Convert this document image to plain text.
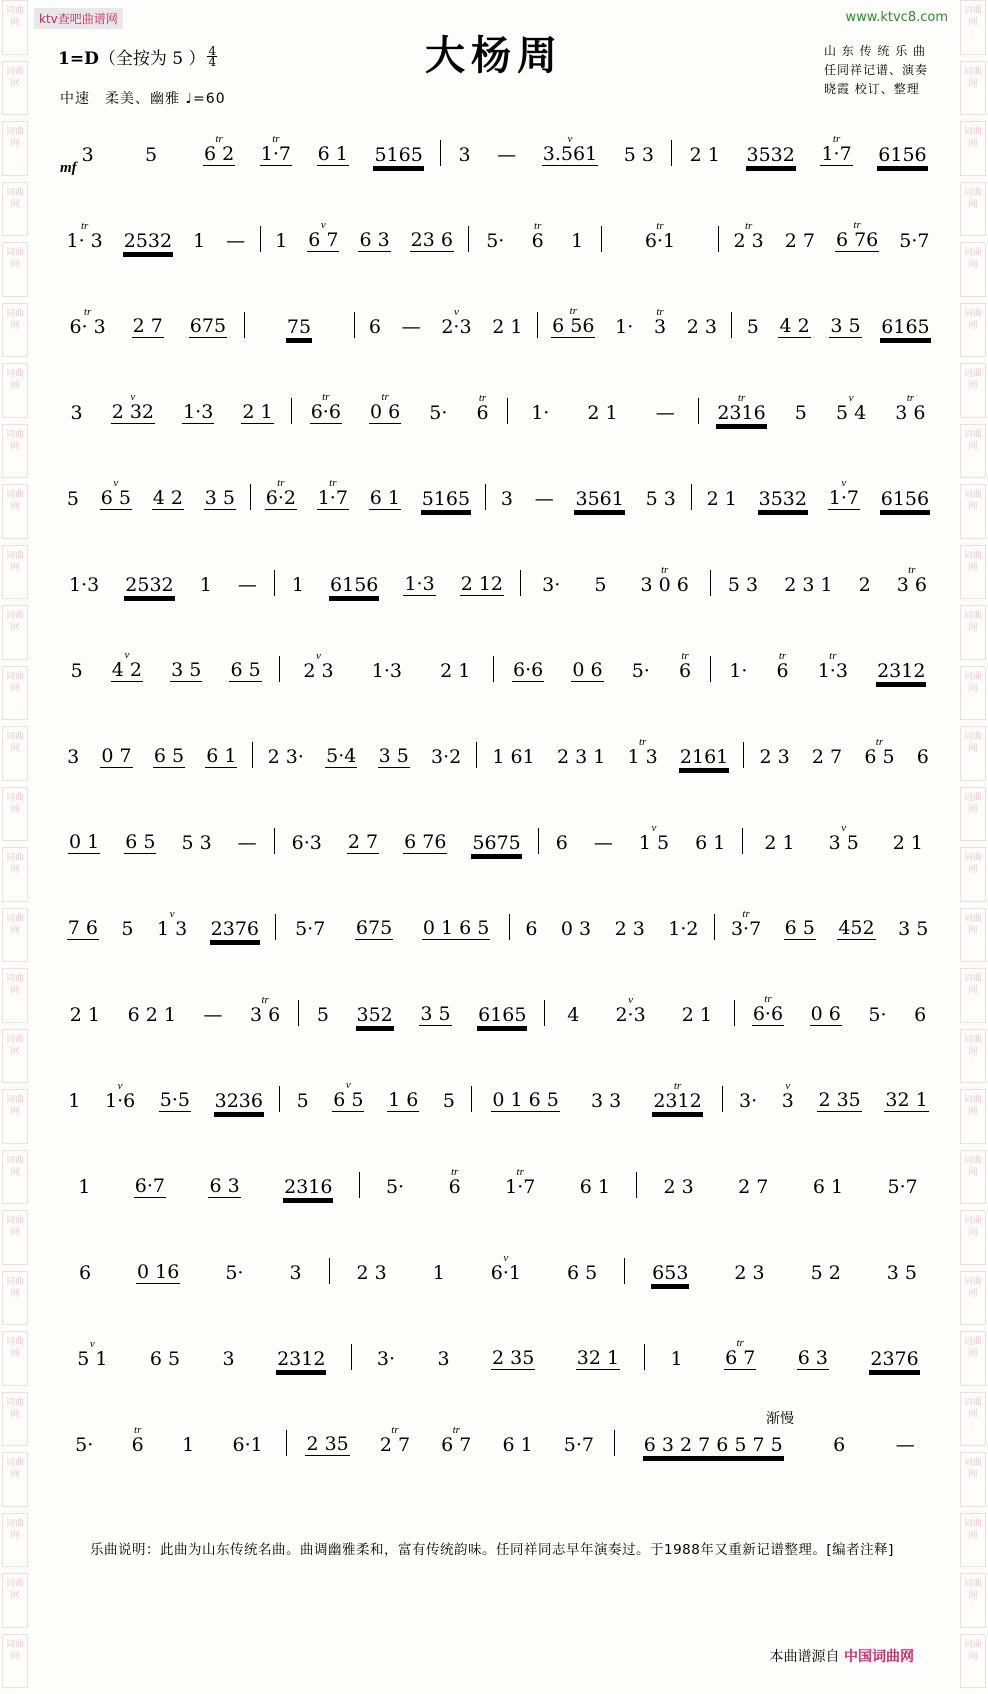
词曲网
词曲网
词曲网
词曲网
词曲网
词曲网
词曲网
词曲网
词曲网
词曲网
词曲网
词曲网
词曲网
词曲网
词曲网
词曲网
词曲网
词曲网
词曲网
词曲网
词曲网
词曲网
词曲网
词曲网
词曲网
词曲网
词曲网
词曲网
词曲网
词曲网
词曲网
词曲网
词曲网
词曲网
词曲网
词曲网
词曲网
词曲网
词曲网
词曲网
词曲网
词曲网
词曲网
词曲网
词曲网
词曲网
词曲网
词曲网
词曲网
词曲网
词曲网
词曲网
词曲网
词曲网
词曲网
词曲网
ktv查吧曲谱网	www.ktvc8.com
大杨周
1=D（全按为 5 ） $\frac{4}{4}$
中速　柔美、幽雅 ♩=60
山 东 传 统 乐 曲
任同祥记谱、演奏
晓霞 校订、整理
mf
3	5 6 2
tr
1·7
tr
6 1 5165 3 — 3.561
v
5 3 2 1 3532 1·7
tr
6156
1· 3
tr
2532 1 — 1 6 7
v
6 3 23 6 5· 6
tr
1	6·1
tr
2 3
tr
2 7 6 76
tr
5·7
6· 3
tr
2 7 675	75	6 — 2·3
v
2 1 6 56
tr
1· 3
tr
2 3 5 4 2 3 5 6165
3 2 32
v
1·3 2 1 6·6
tr
0 6
tr
5· 6
tr
1· 2 1 — 2316
tr
5 5 4
v
3 6
tr
5 6 5
v
4 2 3 5 6·2
tr
1·7
tr
6 1 5165 3 — 3561 5 3 2 1 3532 1·7
v
6156
1·3 2532 1 — 1 6156 1·3 2 12 3· 5 3 0 6
tr
5 3 2 3 1 2 3 6
tr
5 4 2
v
3 5 6 5 2 3
v
1·3 2 1 6·6 0 6 5· 6
tr
1· 6
tr
1·3
tr
2312
3 0 7 6 5 6 1 2 3· 5·4 3 5 3·2 1 61 2 3 1 1 3
tr
2161 2 3 2 7 6 5
tr
6
0 1 6 5 5 3 — 6·3 2 7 6 76 5675 6 — 1 5
v
6 1 2 1 3 5
v
2 1
7 6 5 1 3
v
2376 5·7 675 0 1 6 5 6 0 3 2 3 1·2 3·7
tr
6 5 452 3 5
2 1 6 2 1 — 3 6
tr
5 352 3 5 6165 4 2·3
v
2 1 6·6
tr
0 6 5· 6
1 1·6
v
5·5 3236 5 6 5
v
1 6 5 0 1 6 5 3 3 2312
tr
3· 3
v
2 35 32 1
1 6·7 6 3 2316	5· 6
tr
1·7
tr
6 1	2 3 2 7 6 1 5·7
6 0 16 5· 3	2 3 1 6·1
v
6 5	653 2 3 5 2 3 5
5 1
v
6 5 3 2312	3· 3 2 35 32 1	1 6 7
tr
6 3 2376
渐慢
5· 6
tr
1 6·1 2 35 2 7
tr
6 7
tr
6 1 5·7	6 3 2 7 6 5 7 5	6	—
乐曲说明：此曲为山东传统名曲。曲调幽雅柔和，富有传统韵味。任同祥同志早年演奏过。于1988年又重新记谱整理。[编者注释]
本曲谱源自 中国词曲网
